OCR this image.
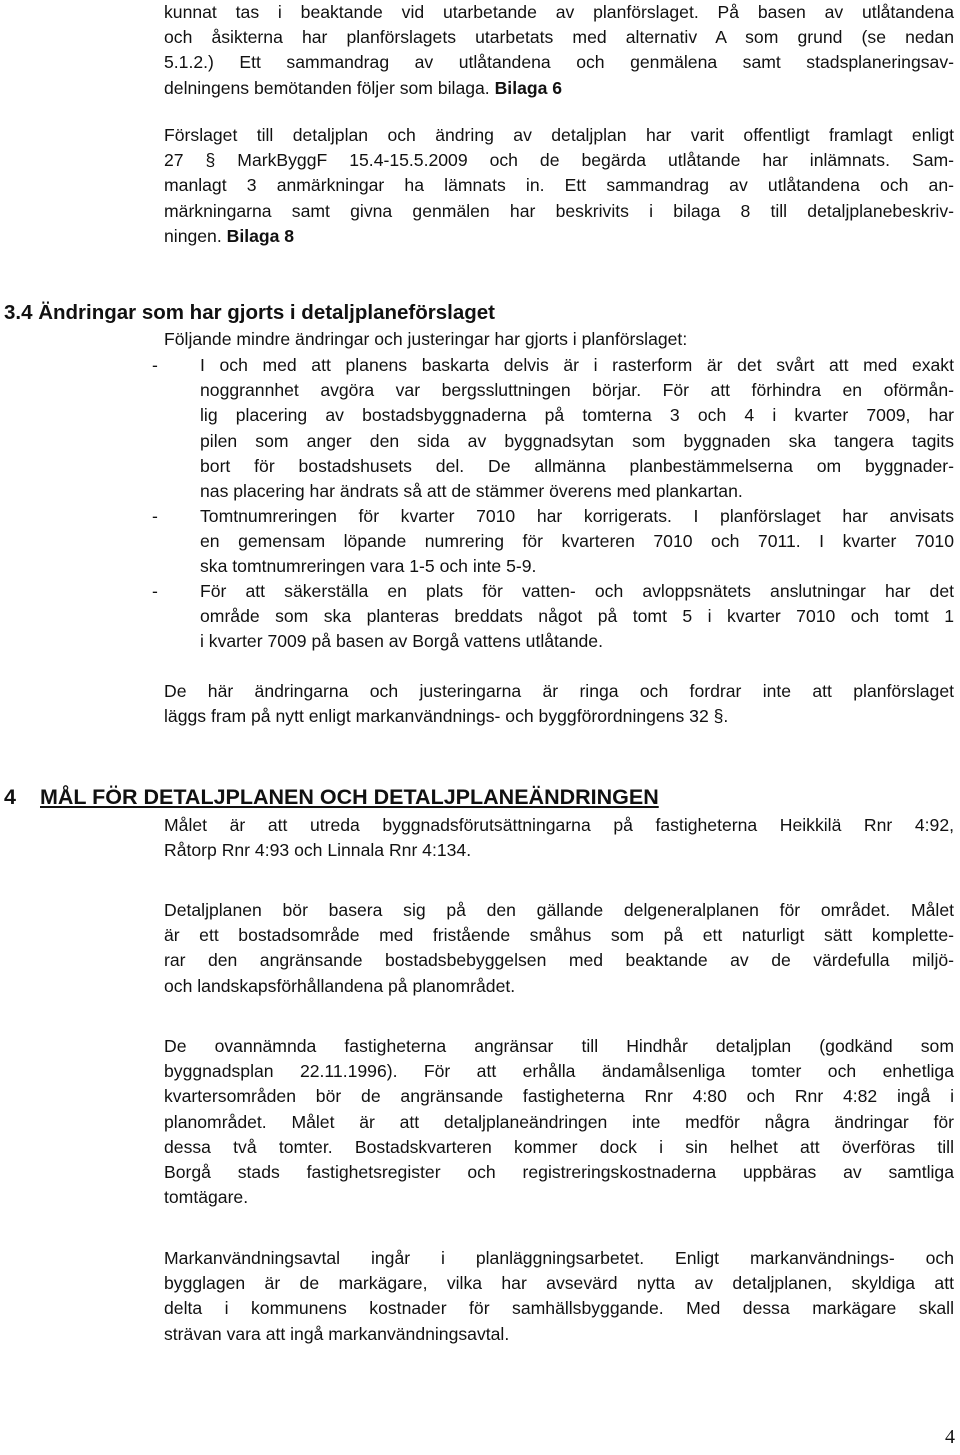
kunnat tas i beaktande vid utarbetande av planförslaget. På basen av utlåtandena
och åsikterna har planförslagets utarbetats med alternativ A som grund (se nedan
5.1.2.) Ett sammandrag av utlåtandena och genmälena samt stadsplaneringsav-
delningens bemötanden följer som bilaga. Bilaga 6
Förslaget till detaljplan och ändring av detaljplan har varit offentligt framlagt enligt
27 § MarkByggF 15.4-15.5.2009 och de begärda utlåtande har inlämnats. Sam-
manlagt 3 anmärkningar ha lämnats in. Ett sammandrag av utlåtandena och an-
märkningarna samt givna genmälen har beskrivits i bilaga 8 till detaljplanebeskriv-
ningen. Bilaga 8
3.4 Ändringar som har gjorts i detaljplaneförslaget
Följande mindre ändringar och justeringar har gjorts i planförslaget:
- I och med att planens baskarta delvis är i rasterform är det svårt att med exakt
noggrannhet avgöra var bergssluttningen börjar. För att förhindra en oförmån-
lig placering av bostadsbyggnaderna på tomterna 3 och 4 i kvarter 7009, har
pilen som anger den sida av byggnadsytan som byggnaden ska tangera tagits
bort för bostadshusets del. De allmänna planbestämmelserna om byggnader-
nas placering har ändrats så att de stämmer överens med plankartan.
- Tomtnumreringen för kvarter 7010 har korrigerats. I planförslaget har anvisats
en gemensam löpande numrering för kvarteren 7010 och 7011. I kvarter 7010
ska tomtnumreringen vara 1-5 och inte 5-9.
- För att säkerställa en plats för vatten- och avloppsnätets anslutningar har det
område som ska planteras breddats något på tomt 5 i kvarter 7010 och tomt 1
i kvarter 7009 på basen av Borgå vattens utlåtande.
De här ändringarna och justeringarna är ringa och fordrar inte att planförslaget
läggs fram på nytt enligt markanvändnings- och byggförordningens 32 §.
4 MÅL FÖR DETALJPLANEN OCH DETALJPLANEÄNDRINGEN
Målet är att utreda byggnadsförutsättningarna på fastigheterna Heikkilä Rnr 4:92,
Råtorp Rnr 4:93 och Linnala Rnr 4:134.
Detaljplanen bör basera sig på den gällande delgeneralplanen för området. Målet
är ett bostadsområde med fristående småhus som på ett naturligt sätt komplette-
rar den angränsande bostadsbebyggelsen med beaktande av de värdefulla miljö-
och landskapsförhållandena på planområdet.
De ovannämnda fastigheterna angränsar till Hindhår detaljplan (godkänd som
byggnadsplan 22.11.1996). För att erhålla ändamålsenliga tomter och enhetliga
kvartersområden bör de angränsande fastigheterna Rnr 4:80 och Rnr 4:82 ingå i
planområdet. Målet är att detaljplaneändringen inte medför några ändringar för
dessa två tomter. Bostadskvarteren kommer dock i sin helhet att överföras till
Borgå stads fastighetsregister och registreringskostnaderna uppbäras av samtliga
tomtägare.
Markanvändningsavtal ingår i planläggningsarbetet. Enligt markanvändnings- och
bygglagen är de markägare, vilka har avsevärd nytta av detaljplanen, skyldiga att
delta i kommunens kostnader för samhällsbyggande. Med dessa markägare skall
strävan vara att ingå markanvändningsavtal.
4
